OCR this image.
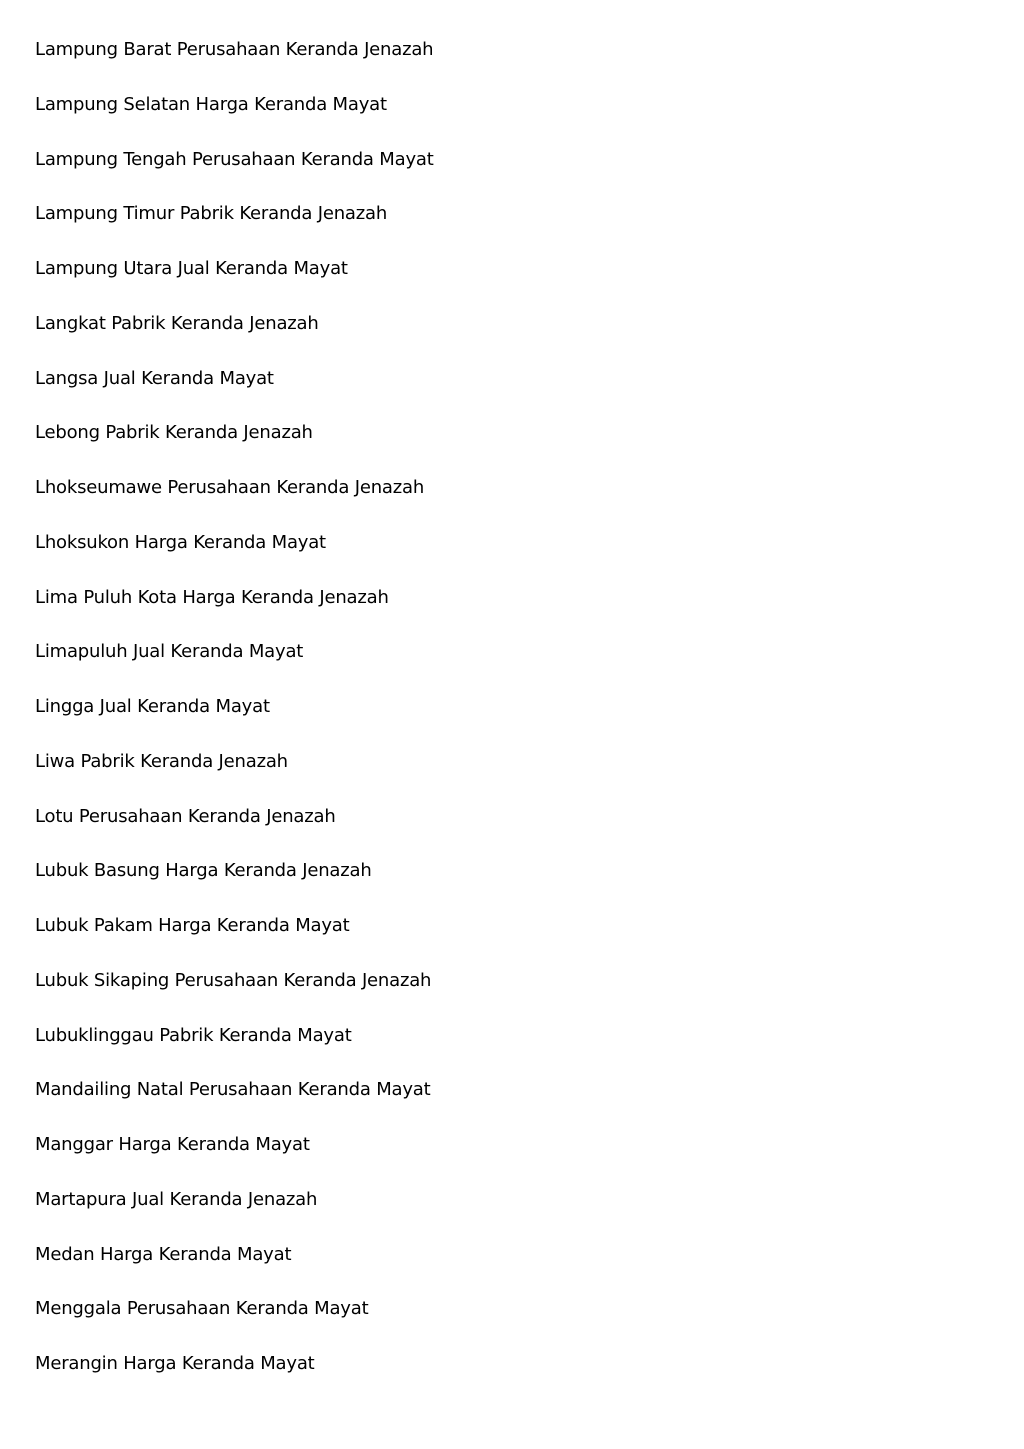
Lampung Barat Perusahaan Keranda Jenazah
Lampung Selatan Harga Keranda Mayat
Lampung Tengah Perusahaan Keranda Mayat
Lampung Timur Pabrik Keranda Jenazah
Lampung Utara Jual Keranda Mayat
Langkat Pabrik Keranda Jenazah
Langsa Jual Keranda Mayat
Lebong Pabrik Keranda Jenazah
Lhokseumawe Perusahaan Keranda Jenazah
Lhoksukon Harga Keranda Mayat
Lima Puluh Kota Harga Keranda Jenazah
Limapuluh Jual Keranda Mayat
Lingga Jual Keranda Mayat
Liwa Pabrik Keranda Jenazah
Lotu Perusahaan Keranda Jenazah
Lubuk Basung Harga Keranda Jenazah
Lubuk Pakam Harga Keranda Mayat
Lubuk Sikaping Perusahaan Keranda Jenazah
Lubuklinggau Pabrik Keranda Mayat
Mandailing Natal Perusahaan Keranda Mayat
Manggar Harga Keranda Mayat
Martapura Jual Keranda Jenazah
Medan Harga Keranda Mayat
Menggala Perusahaan Keranda Mayat
Merangin Harga Keranda Mayat
